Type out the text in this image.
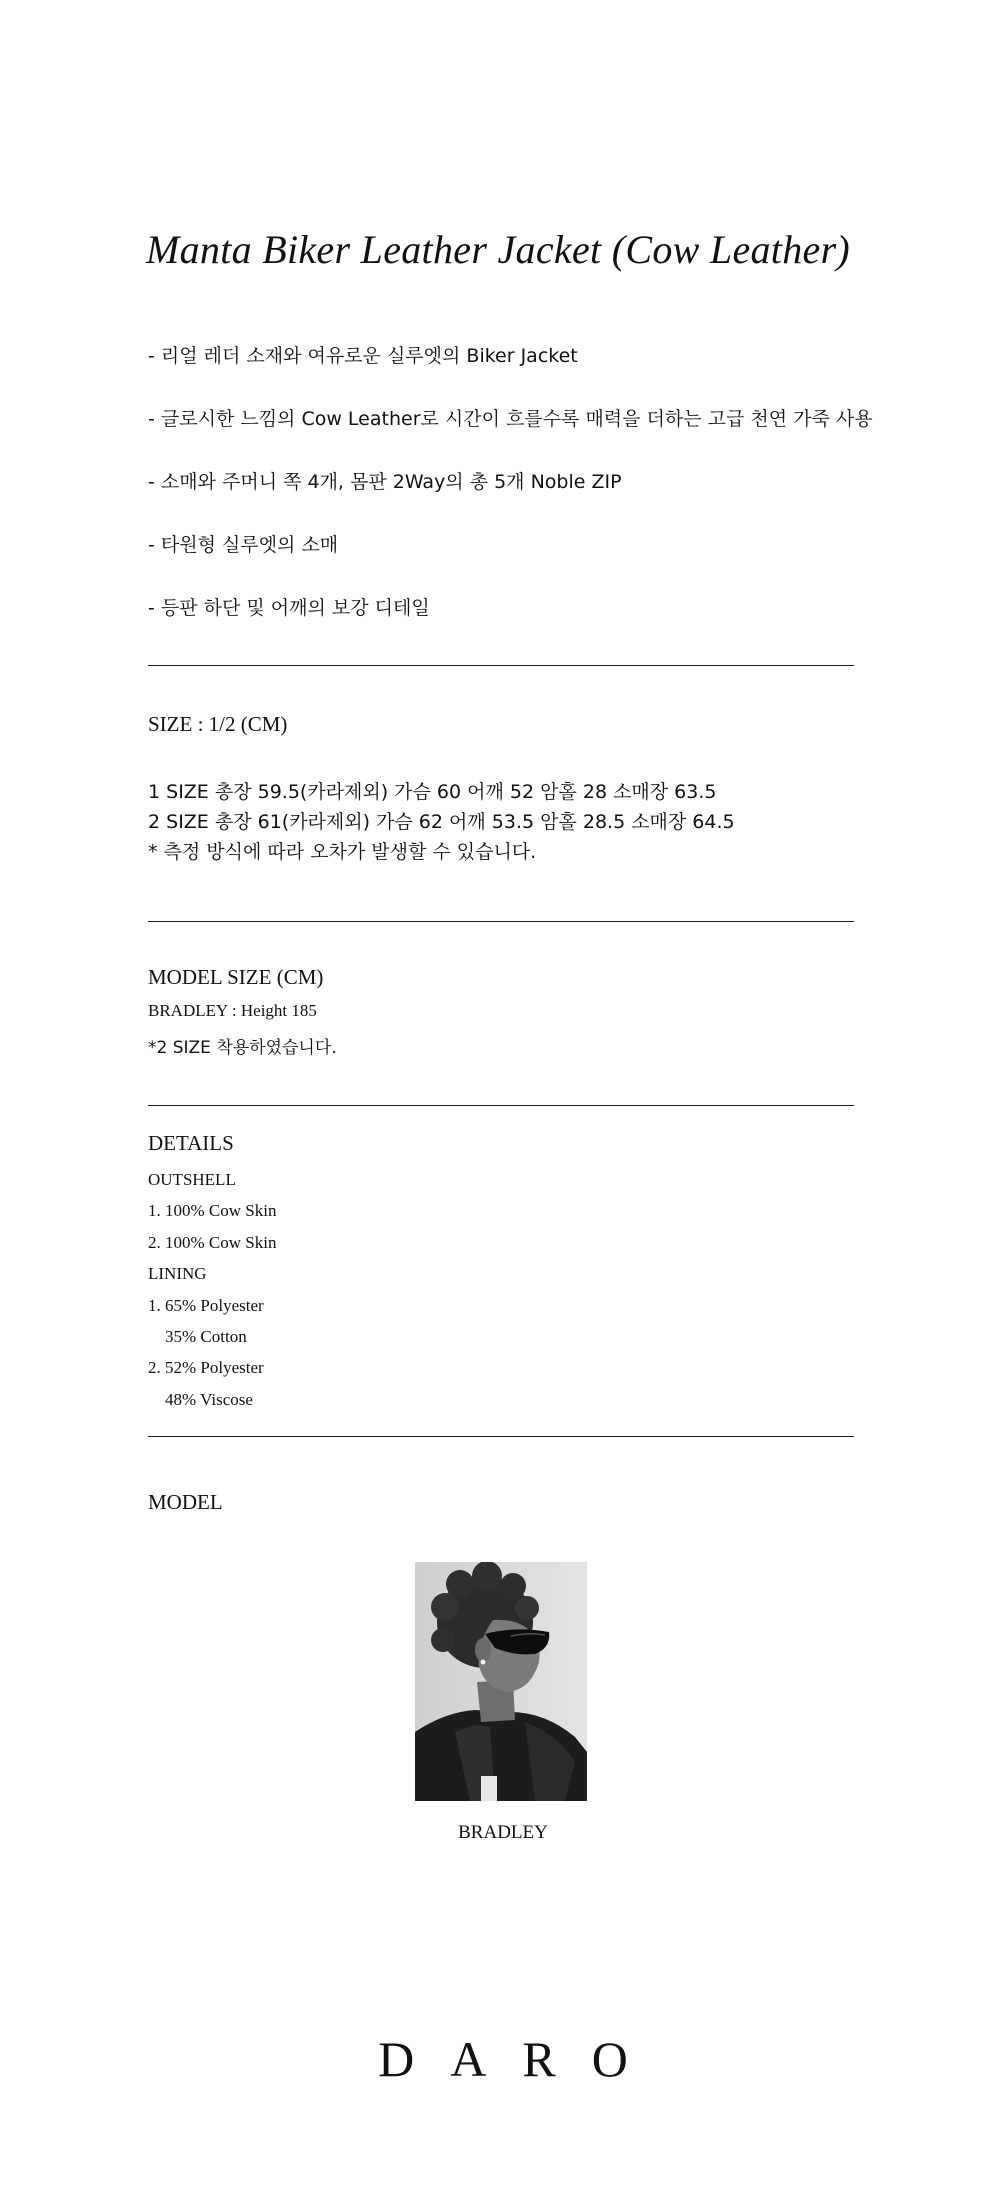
Manta Biker Leather Jacket (Cow Leather)
- 리얼 레더 소재와 여유로운 실루엣의 Biker Jacket
- 글로시한 느낌의 Cow Leather로 시간이 흐를수록 매력을 더하는 고급 천연 가죽 사용
- 소매와 주머니 쪽 4개, 몸판 2Way의 총 5개 Noble ZIP
- 타원형 실루엣의 소매
- 등판 하단 및 어깨의 보강 디테일
SIZE : 1/2 (CM)
1 SIZE 총장 59.5(카라제외) 가슴 60 어깨 52 암홀 28 소매장 63.5
2 SIZE 총장 61(카라제외) 가슴 62 어깨 53.5 암홀 28.5 소매장 64.5
* 측정 방식에 따라 오차가 발생할 수 있습니다.
MODEL SIZE (CM)
BRADLEY : Height 185
*2 SIZE 착용하였습니다.
DETAILS
OUTSHELL
1. 100% Cow Skin
2. 100% Cow Skin
LINING
1. 65% Polyester
35% Cotton
2. 52% Polyester
48% Viscose
MODEL
BRADLEY
DARO
